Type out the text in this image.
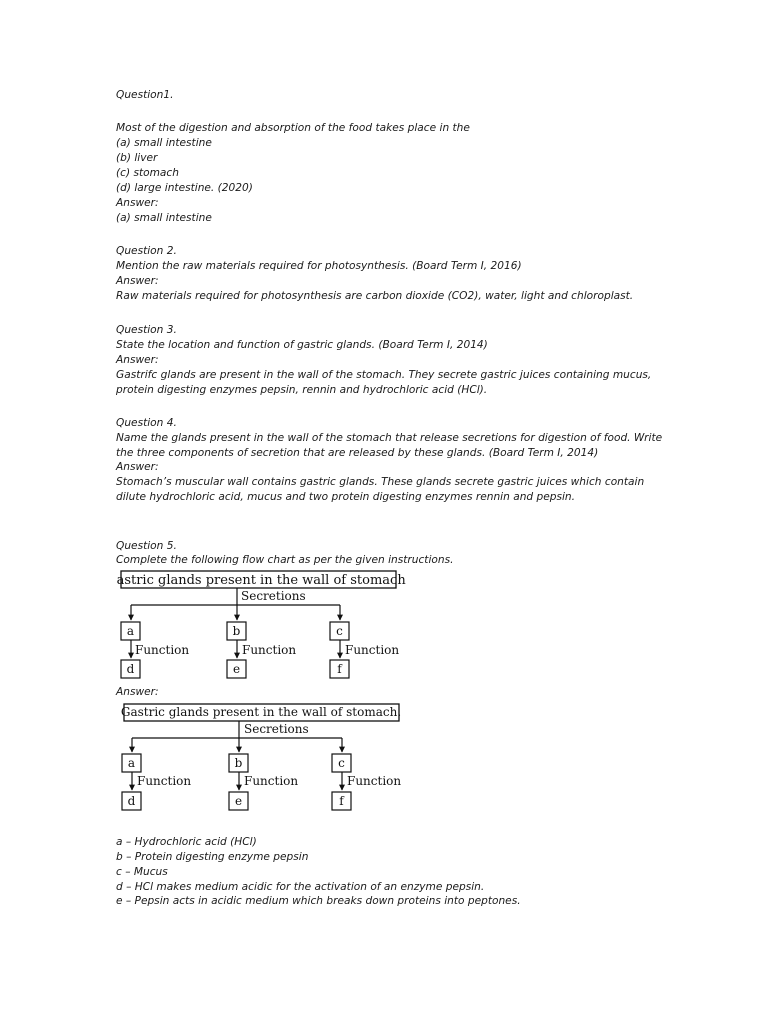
Question1.
Most of the digestion and absorption of the food takes place in the
(a) small intestine
(b) liver
(c) stomach
(d) large intestine. (2020)
Answer:
(a) small intestine
Question 2.
Mention the raw materials required for photosynthesis. (Board Term I, 2016)
Answer:
Raw materials required for photosynthesis are carbon dioxide (CO2), water, light and chloroplast.
Question 3.
State the location and function of gastric glands. (Board Term I, 2014)
Answer:
Gastrifc glands are present in the wall of the stomach. They secrete gastric juices containing mucus,
protein digesting enzymes pepsin, rennin and hydrochloric acid (HCl).
Question 4.
Name the glands present in the wall of the stomach that release secretions for digestion of food. Write
the three components of secretion that are released by these glands. (Board Term I, 2014)
Answer:
Stomach’s muscular wall contains gastric glands. These glands secrete gastric juices which contain
dilute hydrochloric acid, mucus and two protein digesting enzymes rennin and pepsin.
Question 5.
Complete the following flow chart as per the given instructions.
Gastric glands present in the wall of stomach.
Secretions
a	b	c
Function	Function	Function
d	e	f
Answer:
Gastric glands present in the wall of stomach.
Secretions
a	b	c
Function	Function	Function
d	e	f
a – Hydrochloric acid (HCl)
b – Protein digesting enzyme pepsin
c – Mucus
d – HCl makes medium acidic for the activation of an enzyme pepsin.
e – Pepsin acts in acidic medium which breaks down proteins into peptones.
